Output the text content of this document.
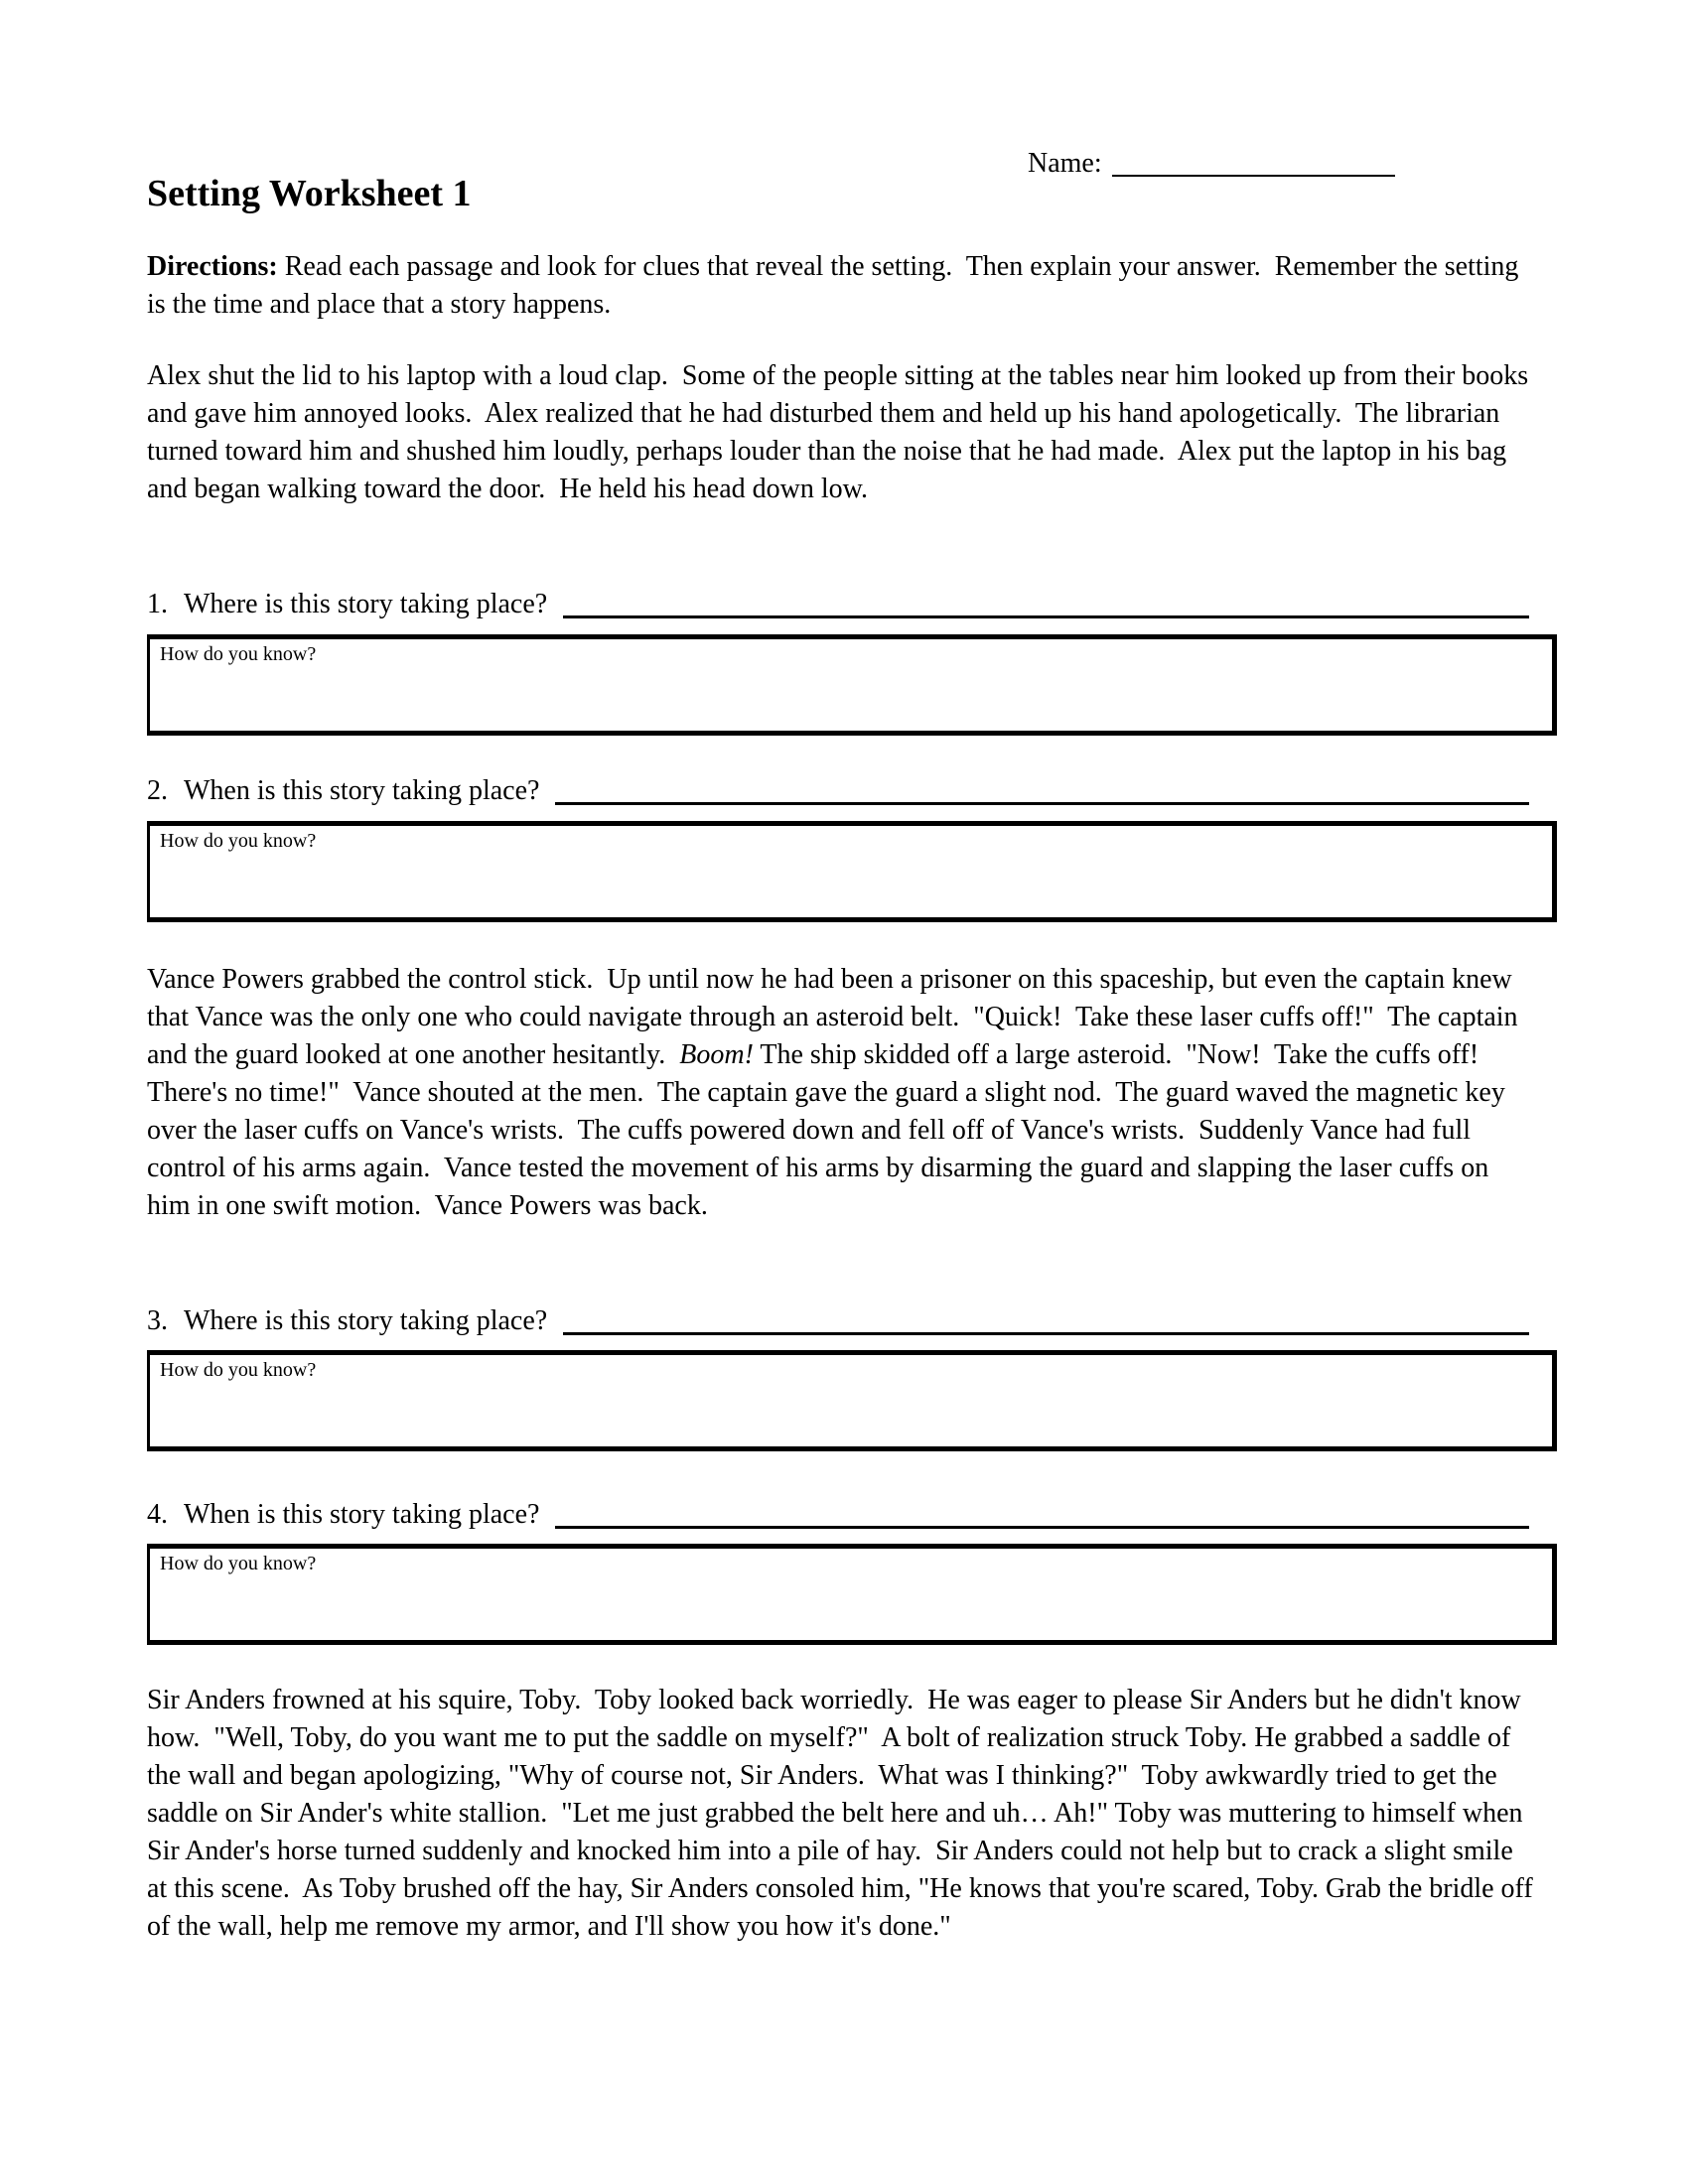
Name:
Setting Worksheet 1

Directions: Read each passage and look for clues that reveal the setting.  Then explain your answer.  Remember the setting is the time and place that a story happens.

Alex shut the lid to his laptop with a loud clap.  Some of the people sitting at the tables near him looked up from their books and gave him annoyed looks.  Alex realized that he had disturbed them and held up his hand apologetically.  The librarian turned toward him and shushed him loudly, perhaps louder than the noise that he had made.  Alex put the laptop in his bag and began walking toward the door.  He held his head down low.

1. Where is this story taking place?
How do you know?
2. When is this story taking place?
How do you know?

Vance Powers grabbed the control stick.  Up until now he had been a prisoner on this spaceship, but even the captain knew that Vance was the only one who could navigate through an asteroid belt.  "Quick!  Take these laser cuffs off!"  The captain and the guard looked at one another hesitantly.  Boom! The ship skidded off a large asteroid.  "Now!  Take the cuffs off!  There's no time!"  Vance shouted at the men.  The captain gave the guard a slight nod.  The guard waved the magnetic key over the laser cuffs on Vance's wrists.  The cuffs powered down and fell off of Vance's wrists.  Suddenly Vance had full control of his arms again.  Vance tested the movement of his arms by disarming the guard and slapping the laser cuffs on him in one swift motion.  Vance Powers was back.

3. Where is this story taking place?
How do you know?
4. When is this story taking place?
How do you know?

Sir Anders frowned at his squire, Toby.  Toby looked back worriedly.  He was eager to please Sir Anders but he didn't know how.  "Well, Toby, do you want me to put the saddle on myself?"  A bolt of realization struck Toby. He grabbed a saddle of the wall and began apologizing, "Why of course not, Sir Anders.  What was I thinking?"  Toby awkwardly tried to get the saddle on Sir Ander's white stallion.  "Let me just grabbed the belt here and uh… Ah!" Toby was muttering to himself when Sir Ander's horse turned suddenly and knocked him into a pile of hay.  Sir Anders could not help but to crack a slight smile at this scene.  As Toby brushed off the hay, Sir Anders consoled him, "He knows that you're scared, Toby. Grab the bridle off of the wall, help me remove my armor, and I'll show you how it's done."
